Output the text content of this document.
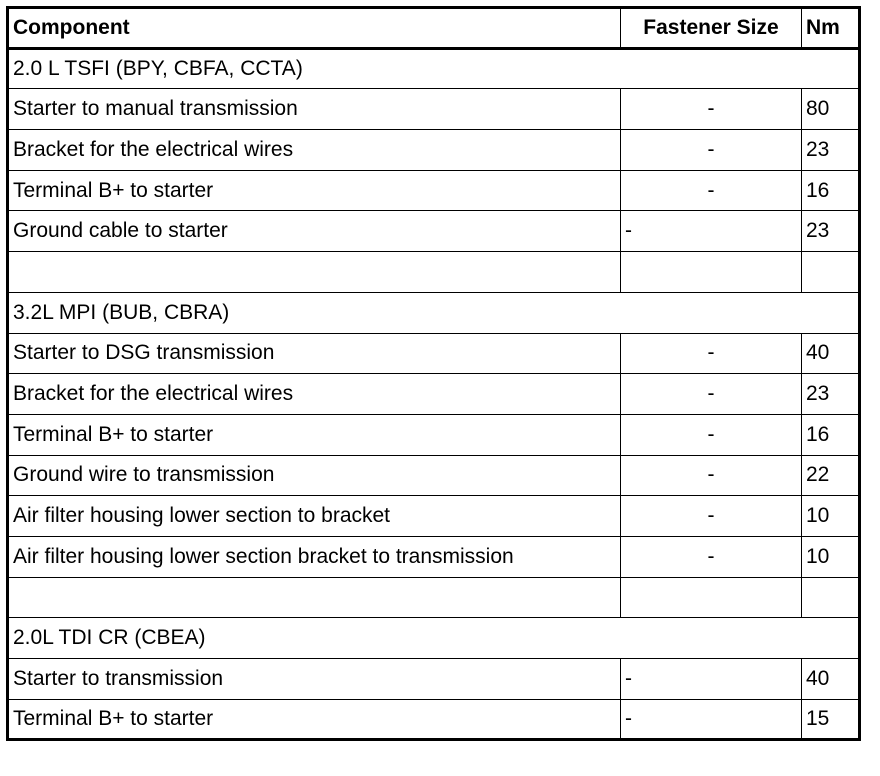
Component	Fastener Size	Nm
2.0 L TSFI (BPY, CBFA, CCTA)		
Starter to manual transmission	-	80
Bracket for the electrical wires	-	23
Terminal B+ to starter	-	16
Ground cable to starter	-	23

3.2L MPI (BUB, CBRA)		
Starter to DSG transmission	-	40
Bracket for the electrical wires	-	23
Terminal B+ to starter	-	16
Ground wire to transmission	-	22
Air filter housing lower section to bracket	-	10
Air filter housing lower section bracket to transmission	-	10

2.0L TDI CR (CBEA)		
Starter to transmission	-	40
Terminal B+ to starter	-	15
